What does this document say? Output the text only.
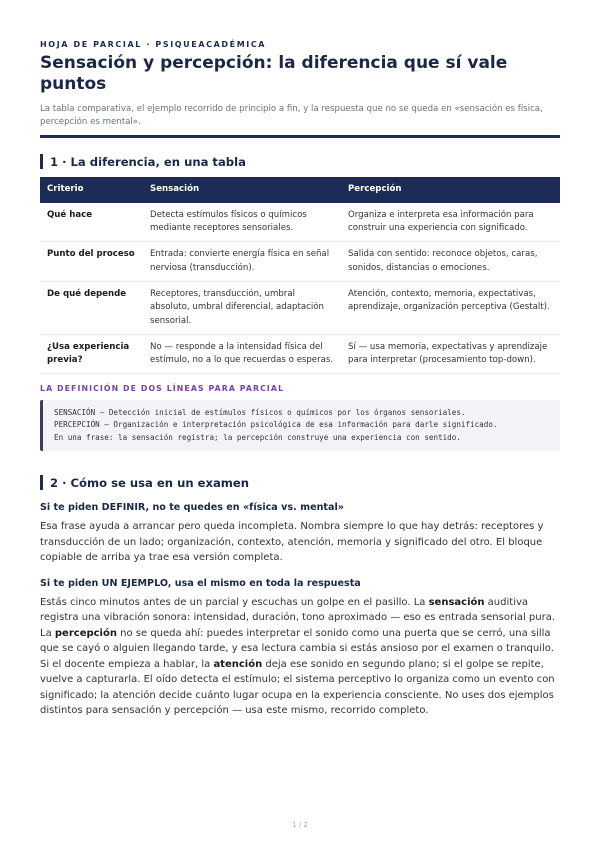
HOJA DE PARCIAL · PSIQUEACADÉMICA
Sensación y percepción: la diferencia que sí vale puntos

La tabla comparativa, el ejemplo recorrido de principio a fin, y la respuesta que no se queda en «sensación es física, percepción es mental».

1 · La diferencia, en una tabla
Criterio	Sensación	Percepción
Qué hace	Detecta estímulos físicos o químicos mediante receptores sensoriales.	Organiza e interpreta esa información para construir una experiencia con significado.
Punto del proceso	Entrada: convierte energía física en señal nerviosa (transducción).	Salida con sentido: reconoce objetos, caras, sonidos, distancias o emociones.
De qué depende	Receptores, transducción, umbral absoluto, umbral diferencial, adaptación sensorial.	Atención, contexto, memoria, expectativas, aprendizaje, organización perceptiva (Gestalt).
¿Usa experiencia previa?	No — responde a la intensidad física del estímulo, no a lo que recuerdas o esperas.	Sí — usa memoria, expectativas y aprendizaje para interpretar (procesamiento top-down).
LA DEFINICIÓN DE DOS LÍNEAS PARA PARCIAL
SENSACIÓN — Detección inicial de estímulos físicos o químicos por los órganos sensoriales.
PERCEPCIÓN — Organización e interpretación psicológica de esa información para darle significado.
En una frase: la sensación registra; la percepción construye una experiencia con sentido.
2 · Cómo se usa en un examen
Si te piden DEFINIR, no te quedes en «física vs. mental»

Esa frase ayuda a arrancar pero queda incompleta. Nombra siempre lo que hay detrás: receptores y transducción de un lado; organización, contexto, atención, memoria y significado del otro. El bloque copiable de arriba ya trae esa versión completa.

Si te piden UN EJEMPLO, usa el mismo en toda la respuesta

Estás cinco minutos antes de un parcial y escuchas un golpe en el pasillo. La sensación auditiva registra una vibración sonora: intensidad, duración, tono aproximado — eso es entrada sensorial pura. La percepción no se queda ahí: puedes interpretar el sonido como una puerta que se cerró, una silla que se cayó o alguien llegando tarde, y esa lectura cambia si estás ansioso por el examen o tranquilo. Si el docente empieza a hablar, la atención deja ese sonido en segundo plano; si el golpe se repite, vuelve a capturarla. El oído detecta el estímulo; el sistema perceptivo lo organiza como un evento con significado; la atención decide cuánto lugar ocupa en la experiencia consciente. No uses dos ejemplos distintos para sensación y percepción — usa este mismo, recorrido completo.

1 / 2
